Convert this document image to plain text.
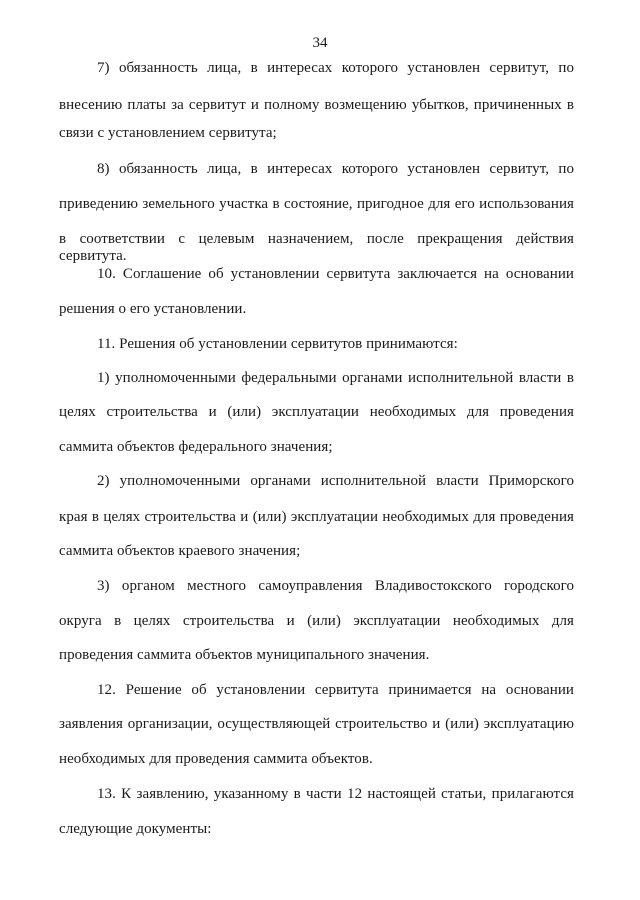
34
7) обязанность лица, в интересах которого установлен сервитут, по
внесению платы за сервитут и полному возмещению убытков, причиненных в
связи с установлением сервитута;
8) обязанность лица, в интересах которого установлен сервитут, по
приведению земельного участка в состояние, пригодное для его использования
в соответствии с целевым назначением, после прекращения действия сервитута.
10. Соглашение об установлении сервитута заключается на основании
решения о его установлении.
11. Решения об установлении сервитутов принимаются:
1) уполномоченными федеральными органами исполнительной власти в
целях строительства и (или) эксплуатации необходимых для проведения
саммита объектов федерального значения;
2) уполномоченными органами исполнительной власти Приморского
края в целях строительства и (или) эксплуатации необходимых для проведения
саммита объектов краевого значения;
3) органом местного самоуправления Владивостокского городского
округа в целях строительства и (или) эксплуатации необходимых для
проведения саммита объектов муниципального значения.
12. Решение об установлении сервитута принимается на основании
заявления организации, осуществляющей строительство и (или) эксплуатацию
необходимых для проведения саммита объектов.
13. К заявлению, указанному в части 12 настоящей статьи, прилагаются
следующие документы:
